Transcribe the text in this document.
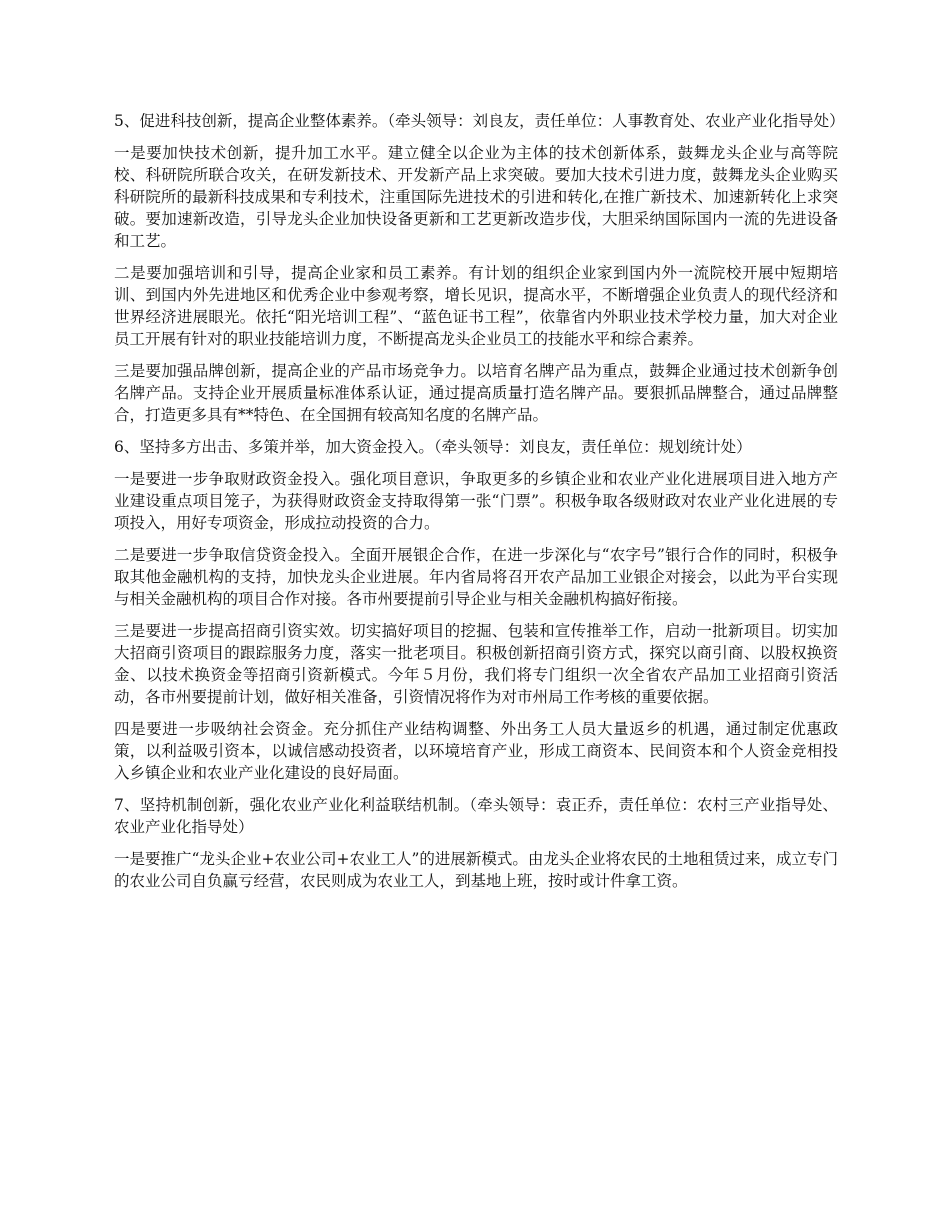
5、促进科技创新，提高企业整体素养。（牵头领导：刘良友，责任单位：人事教育处、农业产业化指导处）

一是要加快技术创新，提升加工水平。建立健全以企业为主体的技术创新体系，鼓舞龙头企业与高等院校、科研院所联合攻关，在研发新技术、开发新产品上求突破。要加大技术引进力度，鼓舞龙头企业购买科研院所的最新科技成果和专利技术，注重国际先进技术的引进和转化,在推广新技术、加速新转化上求突破。要加速新改造，引导龙头企业加快设备更新和工艺更新改造步伐，大胆采纳国际国内一流的先进设备和工艺。

二是要加强培训和引导，提高企业家和员工素养。有计划的组织企业家到国内外一流院校开展中短期培训、到国内外先进地区和优秀企业中参观考察，增长见识，提高水平，不断增强企业负责人的现代经济和世界经济进展眼光。依托“阳光培训工程”、“蓝色证书工程”，依靠省内外职业技术学校力量，加大对企业员工开展有针对的职业技能培训力度，不断提高龙头企业员工的技能水平和综合素养。

三是要加强品牌创新，提高企业的产品市场竞争力。以培育名牌产品为重点，鼓舞企业通过技术创新争创名牌产品。支持企业开展质量标准体系认证，通过提高质量打造名牌产品。要狠抓品牌整合，通过品牌整合，打造更多具有**特色、在全国拥有较高知名度的名牌产品。

6、坚持多方出击、多策并举，加大资金投入。（牵头领导：刘良友，责任单位：规划统计处）

一是要进一步争取财政资金投入。强化项目意识，争取更多的乡镇企业和农业产业化进展项目进入地方产业建设重点项目笼子，为获得财政资金支持取得第一张“门票”。积极争取各级财政对农业产业化进展的专项投入，用好专项资金，形成拉动投资的合力。

二是要进一步争取信贷资金投入。全面开展银企合作，在进一步深化与“农字号”银行合作的同时，积极争取其他金融机构的支持，加快龙头企业进展。年内省局将召开农产品加工业银企对接会，以此为平台实现与相关金融机构的项目合作对接。各市州要提前引导企业与相关金融机构搞好衔接。

三是要进一步提高招商引资实效。切实搞好项目的挖掘、包装和宣传推举工作，启动一批新项目。切实加大招商引资项目的跟踪服务力度，落实一批老项目。积极创新招商引资方式，探究以商引商、以股权换资金、以技术换资金等招商引资新模式。今年５月份，我们将专门组织一次全省农产品加工业招商引资活动，各市州要提前计划，做好相关准备，引资情况将作为对市州局工作考核的重要依据。

四是要进一步吸纳社会资金。充分抓住产业结构调整、外出务工人员大量返乡的机遇，通过制定优惠政策，以利益吸引资本，以诚信感动投资者，以环境培育产业，形成工商资本、民间资本和个人资金竞相投入乡镇企业和农业产业化建设的良好局面。

7、坚持机制创新，强化农业产业化利益联结机制。（牵头领导：袁正乔，责任单位：农村三产业指导处、农业产业化指导处）

一是要推广“龙头企业+农业公司+农业工人”的进展新模式。由龙头企业将农民的土地租赁过来，成立专门的农业公司自负赢亏经营，农民则成为农业工人，到基地上班，按时或计件拿工资。
